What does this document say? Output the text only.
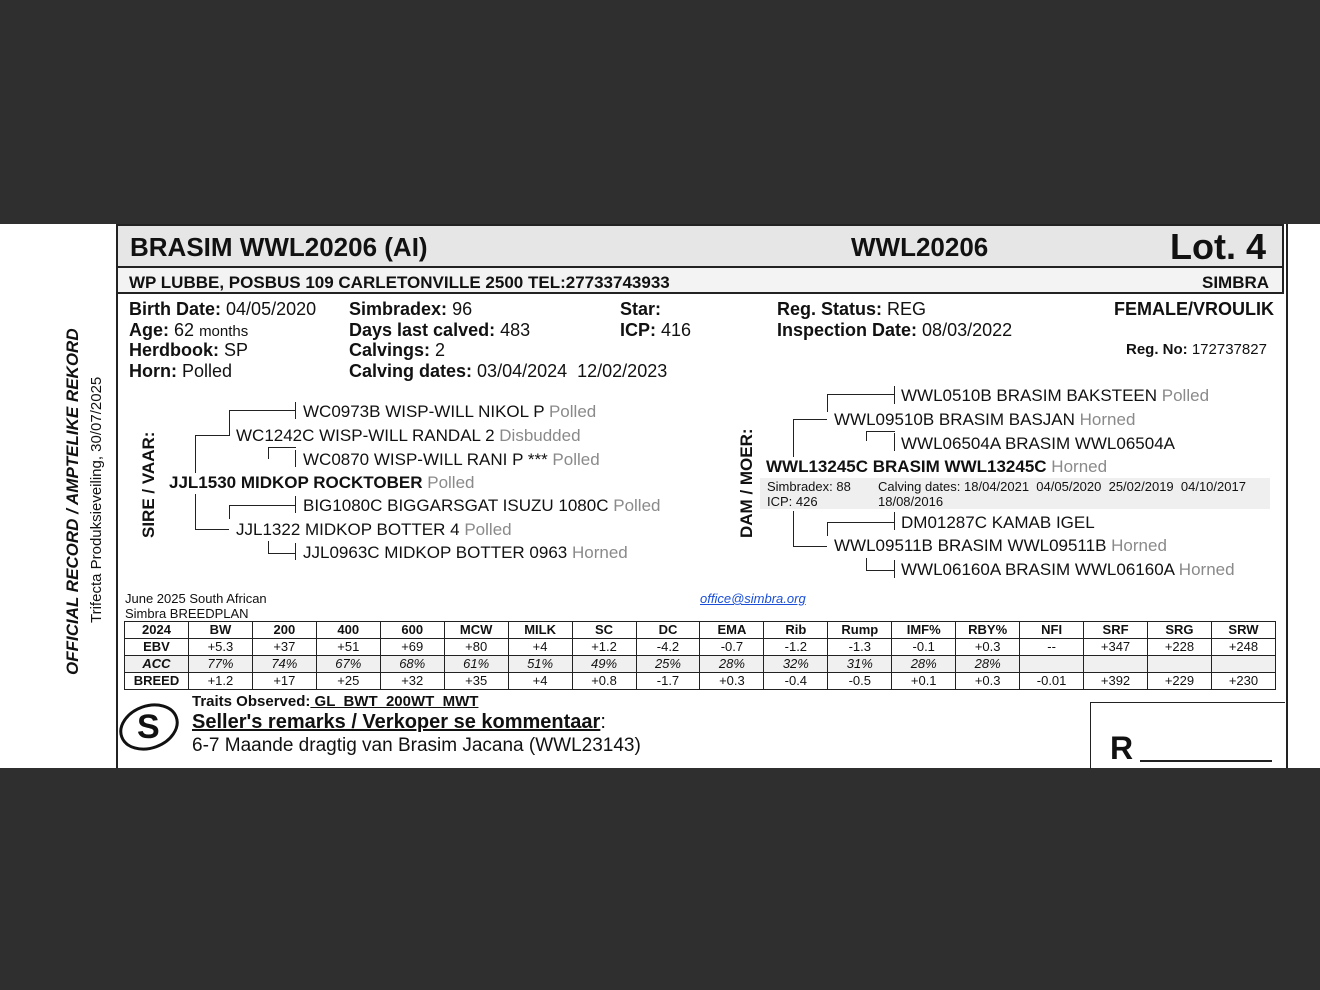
OFFICIAL RECORD / AMPTELIKE REKORD Trifecta Produksieveiling, 30/07/2025
BRASIM WWL20206 (AI)	WWL20206	Lot. 4
WP LUBBE, POSBUS 109 CARLETONVILLE 2500 TEL:27733743933	SIMBRA
Birth Date: 04/05/2020
Age: 62 months
Herdbook: SP
Horn: Polled
Simbradex: 96
Days last calved: 483
Calvings: 2
Calving dates: 03/04/2024  12/02/2023
Star:
ICP: 416
Reg. Status: REG
Inspection Date: 08/03/2022
FEMALE/VROULIK
Reg. No: 172737827
SIRE / VAAR:
WC0973B WISP-WILL NIKOL P Polled
WC1242C WISP-WILL RANDAL 2 Disbudded
WC0870 WISP-WILL RANI P *** Polled
JJL1530 MIDKOP ROCKTOBER Polled
BIG1080C BIGGARSGAT ISUZU 1080C Polled
JJL1322 MIDKOP BOTTER 4 Polled
JJL0963C MIDKOP BOTTER 0963 Horned
DAM / MOER:
WWL0510B BRASIM BAKSTEEN Polled
WWL09510B BRASIM BASJAN Horned
WWL06504A BRASIM WWL06504A
WWL13245C BRASIM WWL13245C Horned
Simbradex: 88
ICP: 426
Calving dates: 18/04/2021  04/05/2020  25/02/2019  04/10/2017
18/08/2016
DM01287C KAMAB IGEL
WWL09511B BRASIM WWL09511B Horned
WWL06160A BRASIM WWL06160A Horned
June 2025 South African
Simbra BREEDPLAN
office@simbra.org
2024	BW	200	400	600	MCW	MILK	SC	DC	EMA	Rib	Rump	IMF%	RBY%	NFI	SRF	SRG	SRW
EBV	+5.3	+37	+51	+69	+80	+4	+1.2	-4.2	-0.7	-1.2	-1.3	-0.1	+0.3	--	+347	+228	+248
ACC	77%	74%	67%	68%	61%	51%	49%	25%	28%	32%	31%	28%	28%				
BREED	+1.2	+17	+25	+32	+35	+4	+0.8	-1.7	+0.3	-0.4	-0.5	+0.1	+0.3	-0.01	+392	+229	+230
S
Traits Observed: GL  BWT  200WT  MWT
Seller's remarks / Verkoper se kommentaar:
6-7 Maande dragtig van Brasim Jacana (WWL23143)	R
